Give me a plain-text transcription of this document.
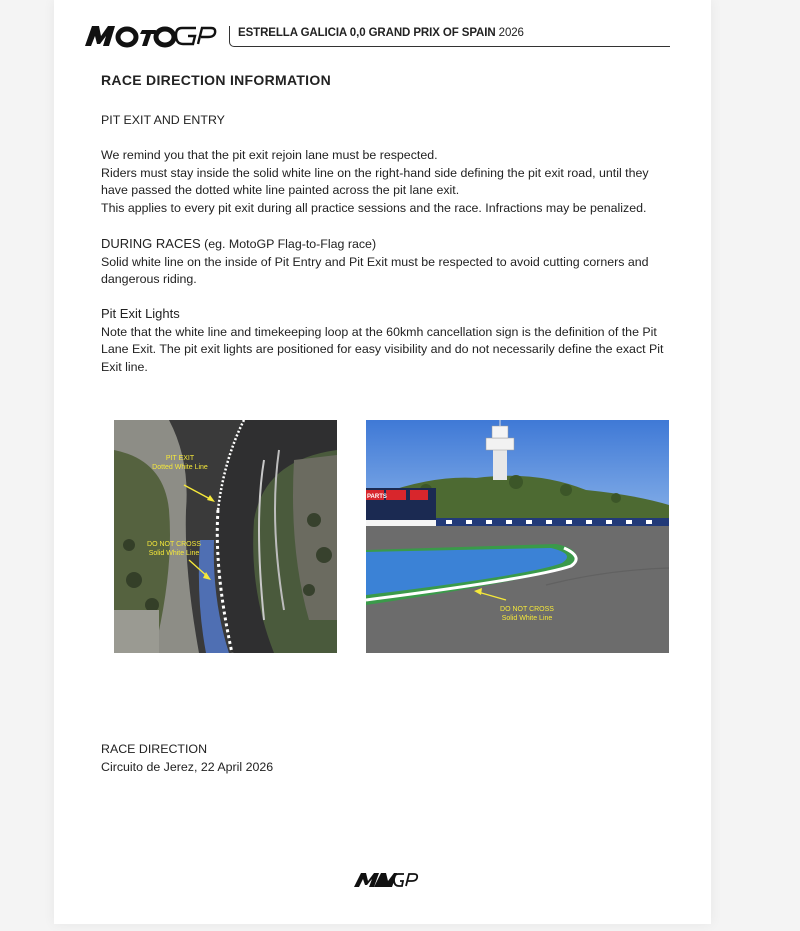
ESTRELLA GALICIA 0,0 GRAND PRIX OF SPAIN 2026
RACE DIRECTION INFORMATION

PIT EXIT AND ENTRY

We remind you that the pit exit rejoin lane must be respected.
Riders must stay inside the solid white line on the right-hand side defining the pit exit road, until they have passed the dotted white line painted across the pit lane exit.
This applies to every pit exit during all practice sessions and the race. Infractions may be penalized.
DURING RACES (eg. MotoGP Flag-to-Flag race)
Solid white line on the inside of Pit Entry and Pit Exit must be respected to avoid cutting corners and dangerous riding.
Pit Exit Lights
Note that the white line and timekeeping loop at the 60kmh cancellation sign is the definition of the Pit Lane Exit. The pit exit lights are positioned for easy visibility and do not necessarily define the exact Pit Exit line.
PIT EXIT
Dotted White Line
DO NOT CROSS
Solid White Line
PARTS
DO NOT CROSS
Solid White Line
RACE DIRECTION
Circuito de Jerez, 22 April 2026
